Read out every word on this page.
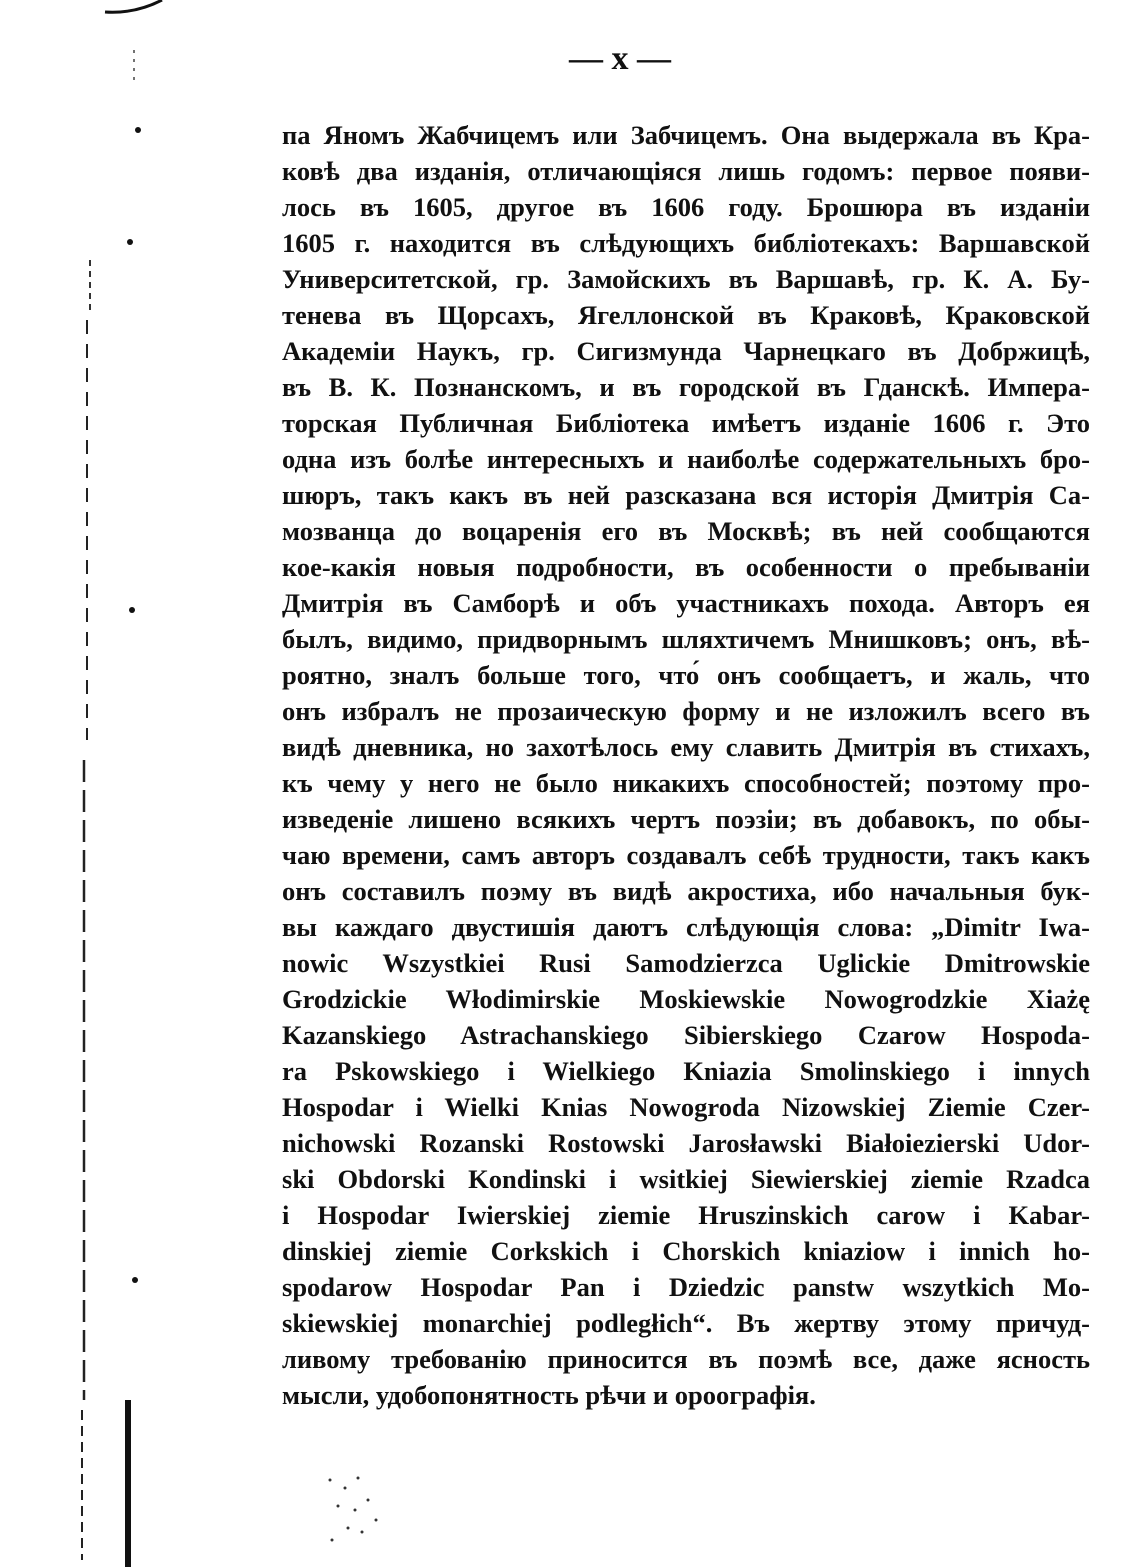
— x —
па Яномъ Жабчицемъ или Забчицемъ. Она выдержала въ Кра-
ковѣ два изданія, отличающіяся лишь годомъ: первое появи-
лось въ 1605, другое въ 1606 году. Брошюра въ изданіи
1605 г. находится въ слѣдующихъ библіотекахъ: Варшавской
Университетской, гр. Замойскихъ въ Варшавѣ, гр. К. А. Бу-
тенева въ Щорсахъ, Ягеллонской въ Краковѣ, Краковской
Академіи Наукъ, гр. Сигизмунда Чарнецкаго въ Добржицѣ,
въ В. К. Познанскомъ, и въ городской въ Гданскѣ. Импера-
торская Публичная Библіотека имѣетъ изданіе 1606 г. Это
одна изъ болѣе интересныхъ и наиболѣе содержательныхъ бро-
шюръ, такъ какъ въ ней разсказана вся исторія Дмитрія Са-
мозванца до воцаренія его въ Москвѣ; въ ней сообщаются
кое-какія новыя подробности, въ особенности о пребываніи
Дмитрія въ Самборѣ и объ участникахъ похода. Авторъ ея
былъ, видимо, придворнымъ шляхтичемъ Мнишковъ; онъ, вѣ-
роятно, зналъ больше того, что́ онъ сообщаетъ, и жаль, что
онъ избралъ не прозаическую форму и не изложилъ всего въ
видѣ дневника, но захотѣлось ему славить Дмитрія въ стихахъ,
къ чему у него не было никакихъ способностей; поэтому про-
изведеніе лишено всякихъ чертъ поэзіи; въ добавокъ, по обы-
чаю времени, самъ авторъ создавалъ себѣ трудности, такъ какъ
онъ составилъ поэму въ видѣ акростиха, ибо начальныя бук-
вы каждаго двустишія даютъ слѣдующія слова: „Dimitr Iwa-
nowic Wszystkiei Rusi Samodzierzca Uglickie Dmitrowskie
Grodzickie Włodimirskie Moskiewskie Nowogrodzkie Xiażę
Kazanskiego Astrachanskiego Sibierskiego Czarow Hospoda-
ra Pskowskiego i Wielkiego Kniazia Smolinskiego i innych
Hospodar i Wielki Knias Nowogroda Nizowskiej Ziemie Czer-
nichowski Rozanski Rostowski Jarosławski Białoiezierski Udor-
ski Obdorski Kondinski i wsitkiej Siewierskiej ziemie Rzadca
i Hospodar Iwierskiej ziemie Hruszinskich carow i Kabar-
dinskiej ziemie Corkskich i Chorskich kniaziow i innich ho-
spodarow Hospodar Pan i Dziedzic panstw wszytkich Mo-
skiewskiej monarchiej podległich“. Въ жертву этому причуд-
ливому требованію приносится въ поэмѣ все, даже ясность
мысли, удобопонятность рѣчи и ороографія.
